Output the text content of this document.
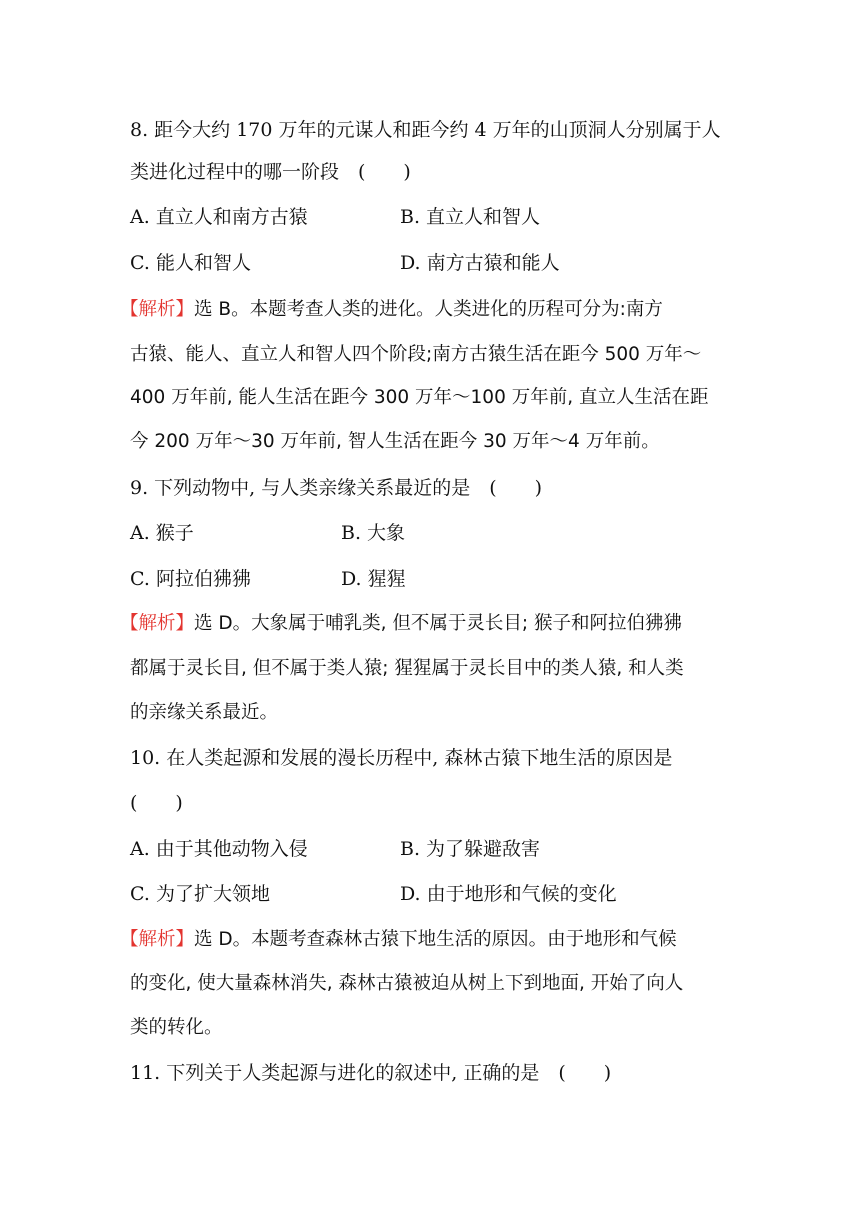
8. 距今大约 170 万年的元谋人和距今约 4 万年的山顶洞人分别属于人
类进化过程中的哪一阶段　(　　)
A. 直立人和南方古猿	B. 直立人和智人
C. 能人和智人	D. 南方古猿和能人
【解析】选 B。本题考查人类的进化。人类进化的历程可分为:南方
古猿、能人、直立人和智人四个阶段;南方古猿生活在距今 500 万年～
400 万年前, 能人生活在距今 300 万年～100 万年前, 直立人生活在距
今 200 万年～30 万年前, 智人生活在距今 30 万年～4 万年前。
9. 下列动物中, 与人类亲缘关系最近的是　(　　)
A. 猴子	B. 大象
C. 阿拉伯狒狒	D. 猩猩
【解析】选 D。大象属于哺乳类, 但不属于灵长目; 猴子和阿拉伯狒狒
都属于灵长目, 但不属于类人猿; 猩猩属于灵长目中的类人猿, 和人类
的亲缘关系最近。
10. 在人类起源和发展的漫长历程中, 森林古猿下地生活的原因是
(　　)
A. 由于其他动物入侵	B. 为了躲避敌害
C. 为了扩大领地	D. 由于地形和气候的变化
【解析】选 D。本题考查森林古猿下地生活的原因。由于地形和气候
的变化, 使大量森林消失, 森林古猿被迫从树上下到地面, 开始了向人
类的转化。
11. 下列关于人类起源与进化的叙述中, 正确的是　(　　)
